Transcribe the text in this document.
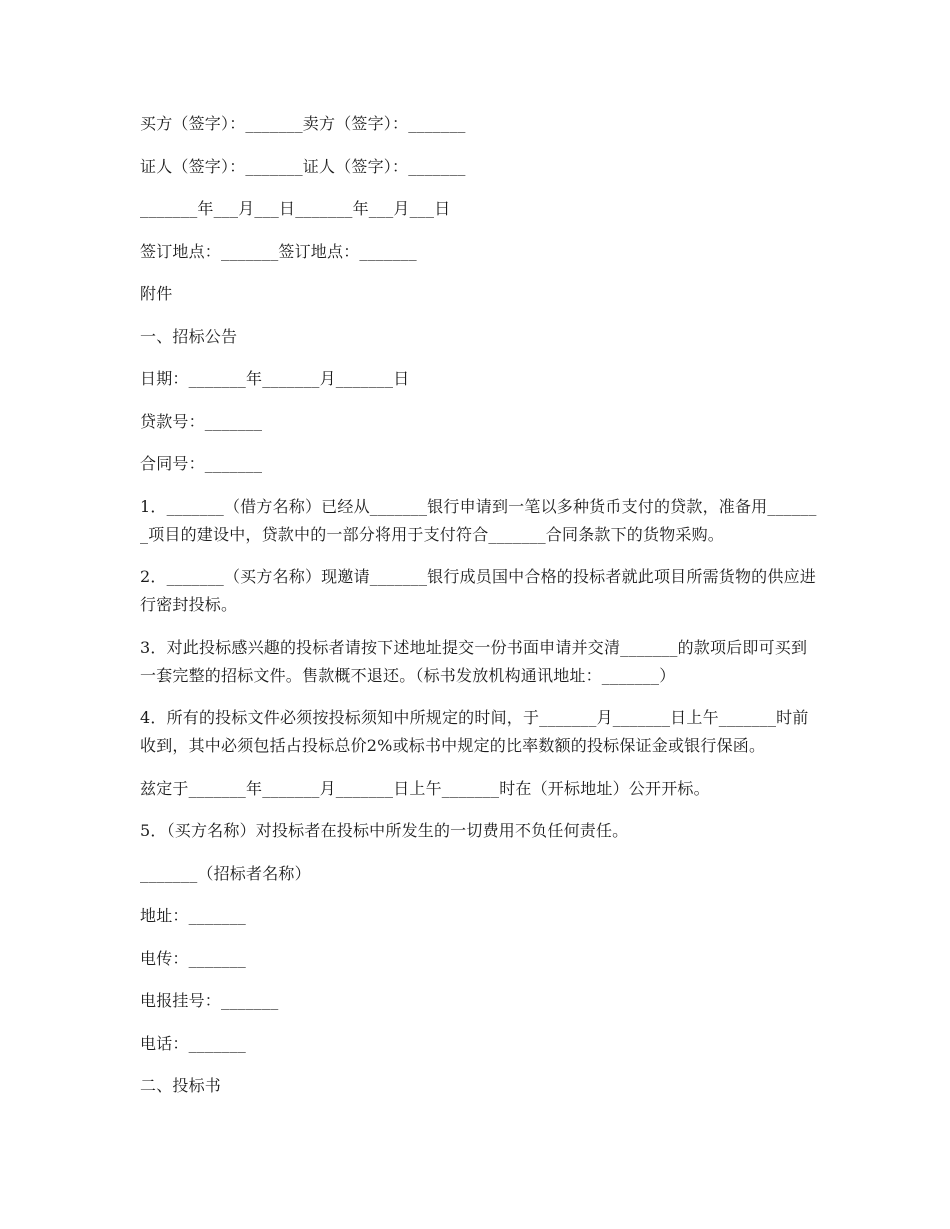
买方（签字）：_______卖方（签字）：_______

证人（签字）：_______证人（签字）：_______

_______年___月___日_______年___月___日

签订地点：_______签订地点：_______

附件

一、招标公告

日期：_______年_______月_______日

贷款号：_______

合同号：_______

1．_______（借方名称）已经从_______银行申请到一笔以多种货币支付的贷款，准备用_______项目的建设中，贷款中的一部分将用于支付符合_______合同条款下的货物采购。

2．_______（买方名称）现邀请_______银行成员国中合格的投标者就此项目所需货物的供应进行密封投标。

3．对此投标感兴趣的投标者请按下述地址提交一份书面申请并交清_______的款项后即可买到一套完整的招标文件。售款概不退还。（标书发放机构通讯地址：_______）

4．所有的投标文件必须按投标须知中所规定的时间，于_______月_______日上午_______时前收到，其中必须包括占投标总价2%或标书中规定的比率数额的投标保证金或银行保函。

兹定于_______年_______月_______日上午_______时在（开标地址）公开开标。

5．（买方名称）对投标者在投标中所发生的一切费用不负任何责任。

_______（招标者名称）

地址：_______

电传：_______

电报挂号：_______

电话：_______

二、投标书
